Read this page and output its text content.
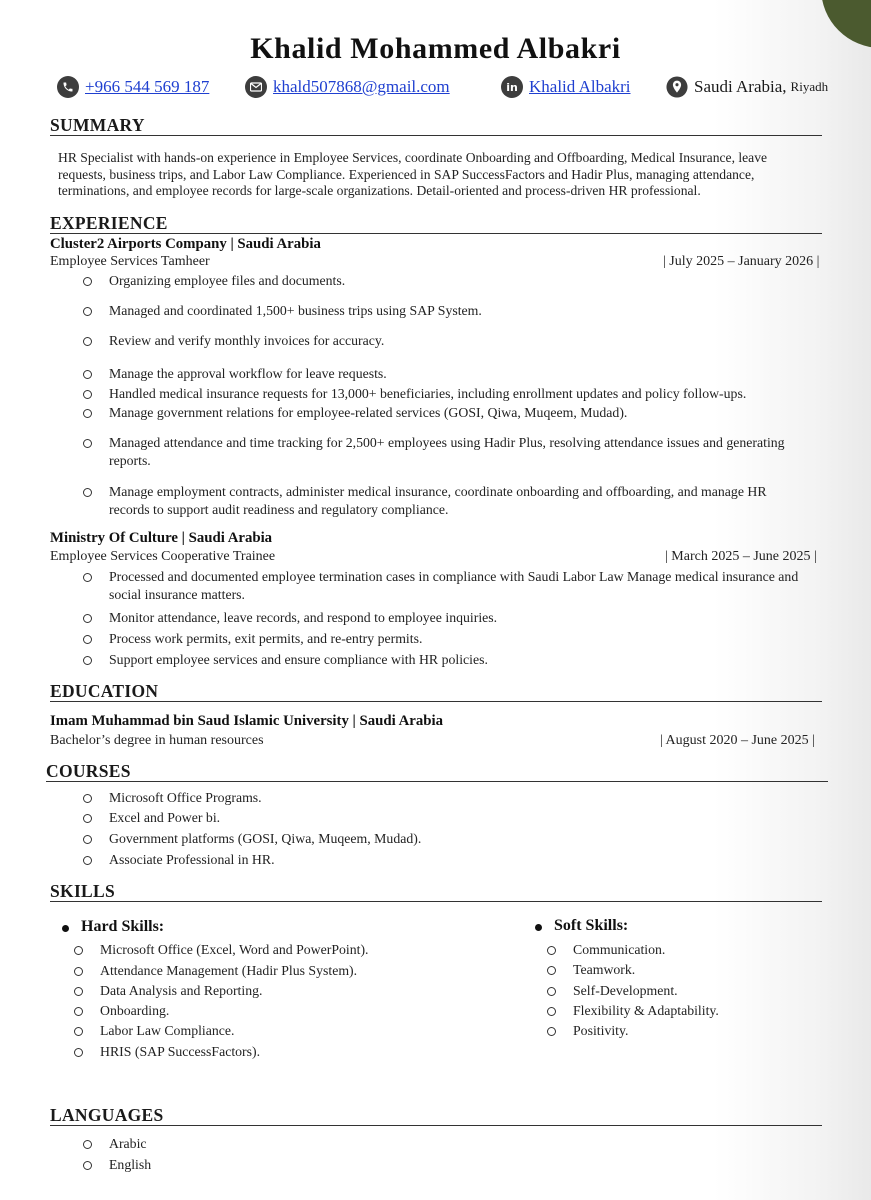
Khalid Mohammed Albakri
+966 544 569 187	khald507868@gmail.com	in Khalid Albakri	Saudi Arabia, Riyadh
SUMMARY
HR Specialist with hands-on experience in Employee Services, coordinate Onboarding and Offboarding, Medical Insurance, leave
requests, business trips, and Labor Law Compliance. Experienced in SAP SuccessFactors and Hadir Plus, managing attendance,
terminations, and employee records for large-scale organizations. Detail-oriented and process-driven HR professional.
EXPERIENCE
Cluster2 Airports Company | Saudi Arabia
Employee Services Tamheer	| July 2025 – January 2026 |
Organizing employee files and documents.
Managed and coordinated 1,500+ business trips using SAP System.
Review and verify monthly invoices for accuracy.
Manage the approval workflow for leave requests.
Handled medical insurance requests for 13,000+ beneficiaries, including enrollment updates and policy follow-ups.
Manage government relations for employee-related services (GOSI, Qiwa, Muqeem, Mudad).
Managed attendance and time tracking for 2,500+ employees using Hadir Plus, resolving attendance issues and generating
reports.
Manage employment contracts, administer medical insurance, coordinate onboarding and offboarding, and manage HR
records to support audit readiness and regulatory compliance.
Ministry Of Culture | Saudi Arabia
Employee Services Cooperative Trainee	| March 2025 – June 2025 |
Processed and documented employee termination cases in compliance with Saudi Labor Law Manage medical insurance and
social insurance matters.
Monitor attendance, leave records, and respond to employee inquiries.
Process work permits, exit permits, and re-entry permits.
Support employee services and ensure compliance with HR policies.
EDUCATION
Imam Muhammad bin Saud Islamic University | Saudi Arabia
Bachelor’s degree in human resources	| August 2020 – June 2025 |
COURSES
Microsoft Office Programs.
Excel and Power bi.
Government platforms (GOSI, Qiwa, Muqeem, Mudad).
Associate Professional in HR.
SKILLS
Hard Skills:
Microsoft Office (Excel, Word and PowerPoint).
Attendance Management (Hadir Plus System).
Data Analysis and Reporting.
Onboarding.
Labor Law Compliance.
HRIS (SAP SuccessFactors).
Soft Skills:
Communication.
Teamwork.
Self-Development.
Flexibility & Adaptability.
Positivity.
LANGUAGES
Arabic
English
